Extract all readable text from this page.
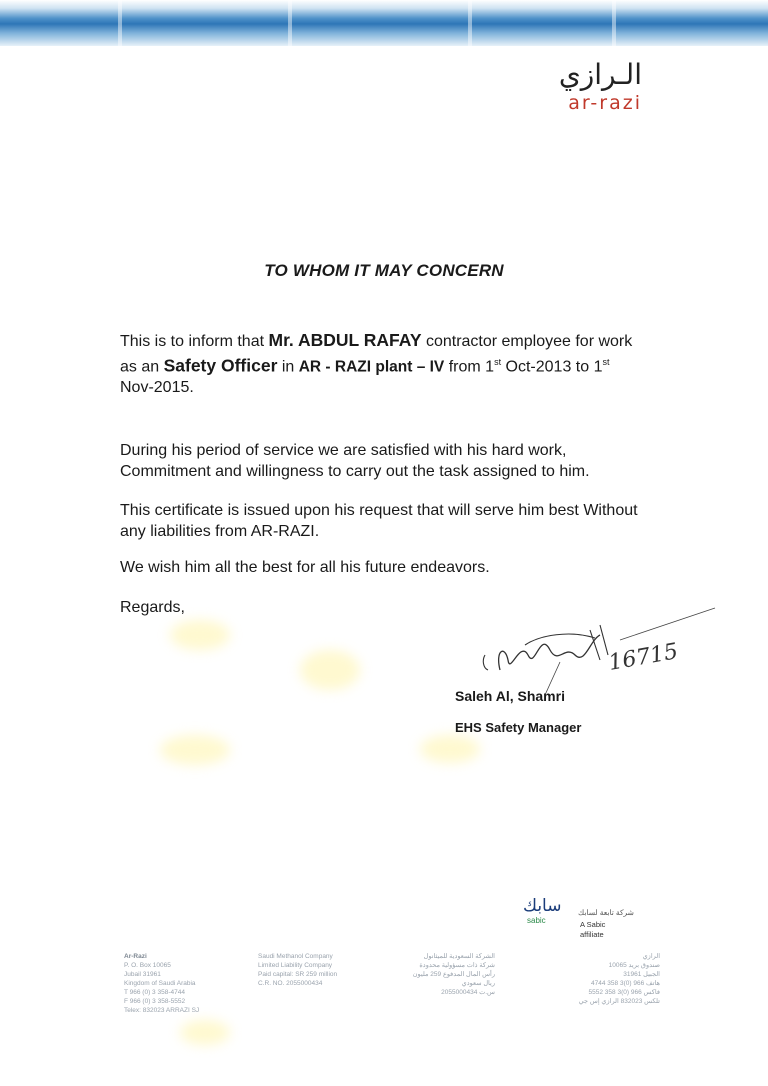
الـرازي
ar-razi
TO WHOM IT MAY CONCERN
This is to inform that Mr. ABDUL RAFAY contractor employee for work as an Safety Officer in AR - RAZI plant – IV from 1st Oct-2013 to 1st Nov-2015.
During his period of service we are satisfied with his hard work, Commitment and willingness to carry out the task assigned to him.
This certificate is issued upon his request that will serve him best Without any liabilities from AR-RAZI.
We wish him all the best for all his future endeavors.
Regards,
16715
Saleh Al, Shamri
EHS Safety Manager
سابك
sabic
شركة تابعة لسابك
A Sabic
affiliate
Ar-Razi
P. O. Box 10065
Jubail 31961
Kingdom of Saudi Arabia
T 966 (0) 3 358-4744
F 966 (0) 3 358-5552
Telex: 832023 ARRAZI SJ
Saudi Methanol Company
Limited Liability Company
Paid capital: SR 259 million
C.R. NO. 2055000434
الشركة السعودية للميثانول
شركة ذات مسؤولية محدودة
رأس المال المدفوع 259 مليون
ريال سعودي
س.ت 2055000434
الرازي
صندوق بريد 10065
الجبيل 31961
هاتف 966 (0)3 358 4744
فاكس 966 (0)3 358 5552
تلكس 832023 الرازي إس جي
